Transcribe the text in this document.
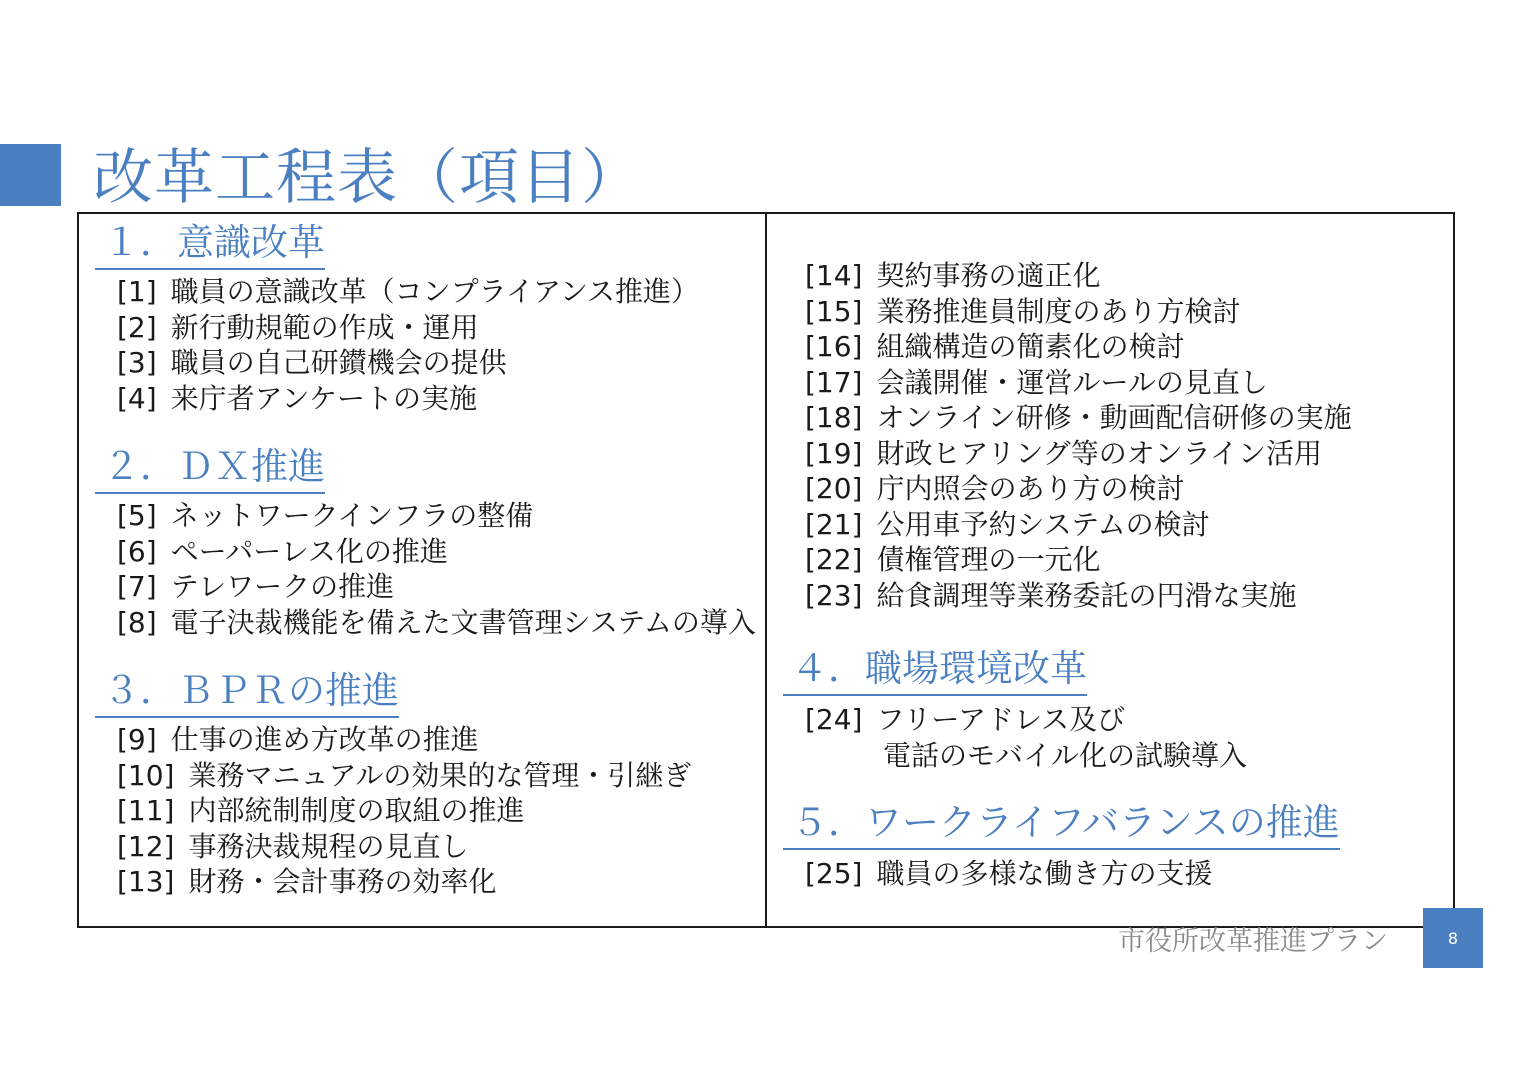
改革工程表（項目）
１．意識改革
[1] 職員の意識改革（コンプライアンス推進）
[2] 新行動規範の作成・運用
[3] 職員の自己研鑚機会の提供
[4] 来庁者アンケートの実施
２．ＤＸ推進
[5] ネットワークインフラの整備
[6] ペーパーレス化の推進
[7] テレワークの推進
[8] 電子決裁機能を備えた文書管理システムの導入
３．ＢＰＲの推進
[9] 仕事の進め方改革の推進
[10] 業務マニュアルの効果的な管理・引継ぎ
[11] 内部統制制度の取組の推進
[12] 事務決裁規程の見直し
[13] 財務・会計事務の効率化
[14] 契約事務の適正化
[15] 業務推進員制度のあり方検討
[16] 組織構造の簡素化の検討
[17] 会議開催・運営ルールの見直し
[18] オンライン研修・動画配信研修の実施
[19] 財政ヒアリング等のオンライン活用
[20] 庁内照会のあり方の検討
[21] 公用車予約システムの検討
[22] 債権管理の一元化
[23] 給食調理等業務委託の円滑な実施
４．職場環境改革
[24] フリーアドレス及び
電話のモバイル化の試験導入
５．ワークライフバランスの推進
[25] 職員の多様な働き方の支援
市役所改革推進プラン	8
